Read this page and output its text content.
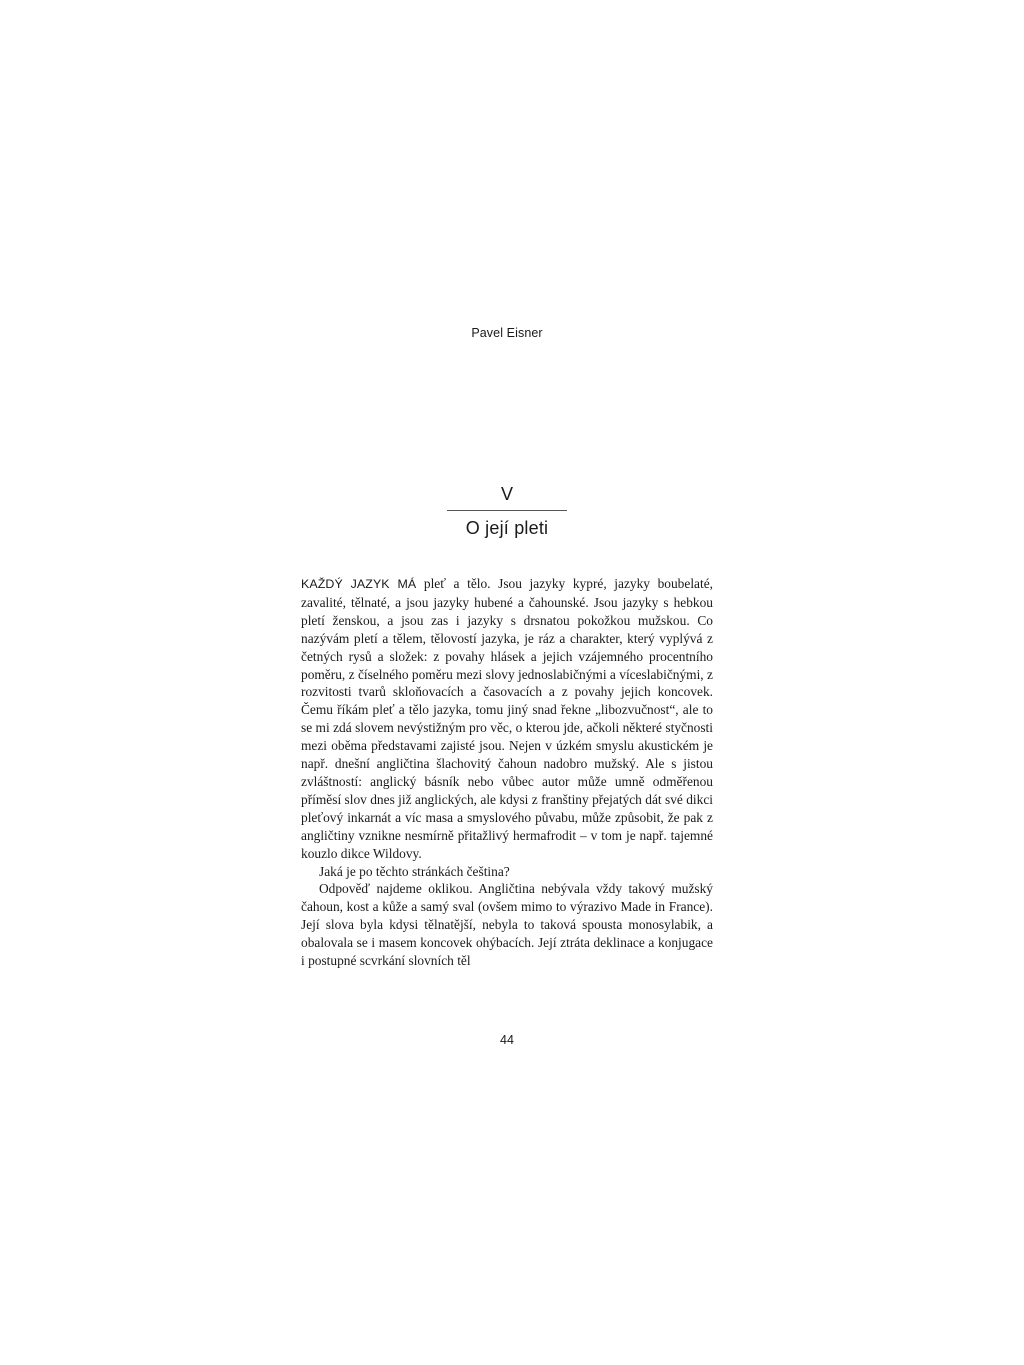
Pavel Eisner
V
O její pleti

KAŽDÝ JAZYK MÁ pleť a tělo. Jsou jazyky kypré, jazyky boubelaté, zavalité, tělnaté, a jsou jazyky hubené a čahounské. Jsou jazyky s hebkou pletí ženskou, a jsou zas i jazyky s drsnatou pokožkou mužskou. Co nazývám pletí a tělem, tělovostí jazyka, je ráz a charakter, který vyplývá z četných rysů a složek: z povahy hlásek a jejich vzájemného procentního poměru, z číselného poměru mezi slovy jednoslabičnými a víceslabičnými, z rozvitosti tvarů skloňovacích a časovacích a z povahy jejich koncovek. Čemu říkám pleť a tělo jazyka, tomu jiný snad řekne „libozvučnost“, ale to se mi zdá slovem nevýstižným pro věc, o kterou jde, ačkoli některé styčnosti mezi oběma představami zajisté jsou. Nejen v úzkém smyslu akustickém je např. dnešní angličtina šlachovitý čahoun nadobro mužský. Ale s jistou zvláštností: anglický básník nebo vůbec autor může umně odměřenou příměsí slov dnes již anglických, ale kdysi z franštiny přejatých dát své dikci pleťový inkarnát a víc masa a smyslového půvabu, může způsobit, že pak z angličtiny vznikne nesmírně přitažlivý hermafrodit – v tom je např. tajemné kouzlo dikce Wildovy.

Jaká je po těchto stránkách čeština?

Odpověď najdeme oklikou. Angličtina nebývala vždy takový mužský čahoun, kost a kůže a samý sval (ovšem mimo to výrazivo Made in France). Její slova byla kdysi tělnatější, nebyla to taková spousta monosylabik, a obalovala se i masem koncovek ohýbacích. Její ztráta deklinace a konjugace i postupné scvrkání slovních těl

44
